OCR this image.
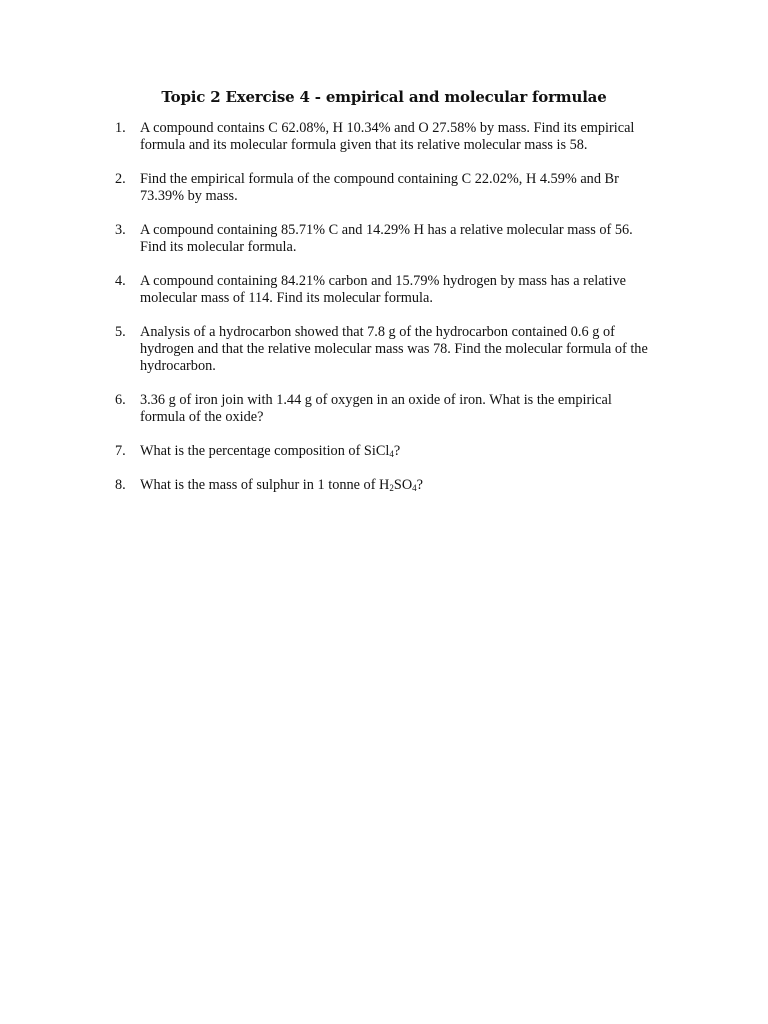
Topic 2 Exercise 4 - empirical and molecular formulae
1. A compound contains C 62.08%, H 10.34% and O 27.58% by mass. Find its empirical formula and its molecular formula given that its relative molecular mass is 58.
2. Find the empirical formula of the compound containing C 22.02%, H 4.59% and Br 73.39% by mass.
3. A compound containing 85.71% C and 14.29% H has a relative molecular mass of 56. Find its molecular formula.
4. A compound containing 84.21% carbon and 15.79% hydrogen by mass has a relative molecular mass of 114. Find its molecular formula.
5. Analysis of a hydrocarbon showed that 7.8 g of the hydrocarbon contained 0.6 g of hydrogen and that the relative molecular mass was 78. Find the molecular formula of the hydrocarbon.
6. 3.36 g of iron join with 1.44 g of oxygen in an oxide of iron. What is the empirical formula of the oxide?
7. What is the percentage composition of SiCl$_4$?
8. What is the mass of sulphur in 1 tonne of $H_2SO_4$?
